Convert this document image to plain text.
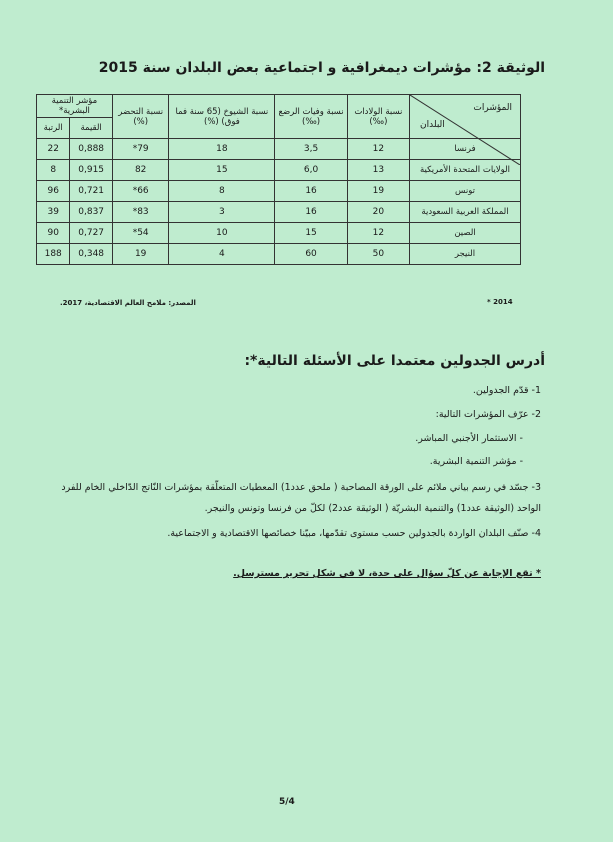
الوثيقة 2: مؤشرات ديمغرافية و اجتماعية بعض البلدان سنة 2015
المؤشرات
البلدان	نسبة الولادات (‰)	نسبة وفيات الرضع (‰)	نسبة الشيوخ (65 سنة فما فوق) (%)	نسبة التحضر (%)	مؤشر التنمية البشرية*	
					القيمة	الرتبة
فرنسا	12	3,5	18	79*	0,888	22
الولايات المتحدة الأمريكية	13	6,0	15	82	0,915	8
تونس	19	16	8	66*	0,721	96
المملكة العربية السعودية	20	16	3	83*	0,837	39
الصين	12	15	10	54*	0,727	90
النيجر	50	60	4	19	0,348	188
* 2014
المصدر: ملامح العالم الاقتصادية، 2017.
أدرس الجدولين معتمدا على الأسئلة التالية*:
1- قدّم الجدولين.
2- عرّف المؤشرات التالية:
- الاستثمار الأجنبي المباشر.
- مؤشر التنمية البشرية.
3- جسّد في رسم بياني ملائم على الورقة المصاحبة ( ملحق عدد1) المعطيات المتعلّقة بمؤشرات النّاتج الدّاخلي الخام للفرد
الواحد (الوثيقة عدد1) والتنمية البشريّة ( الوثيقة عدد2) لكلّ من فرنسا وتونس والنيجر.
4- صنّف البلدان الواردة بالجدولين حسب مستوى تقدّمها، مبيّنا خصائصها الاقتصادية و الاجتماعية.
* تقع الإجابة عن كلّ سؤال على حدة، لا في شكل تحرير مسترسل.
5/4
